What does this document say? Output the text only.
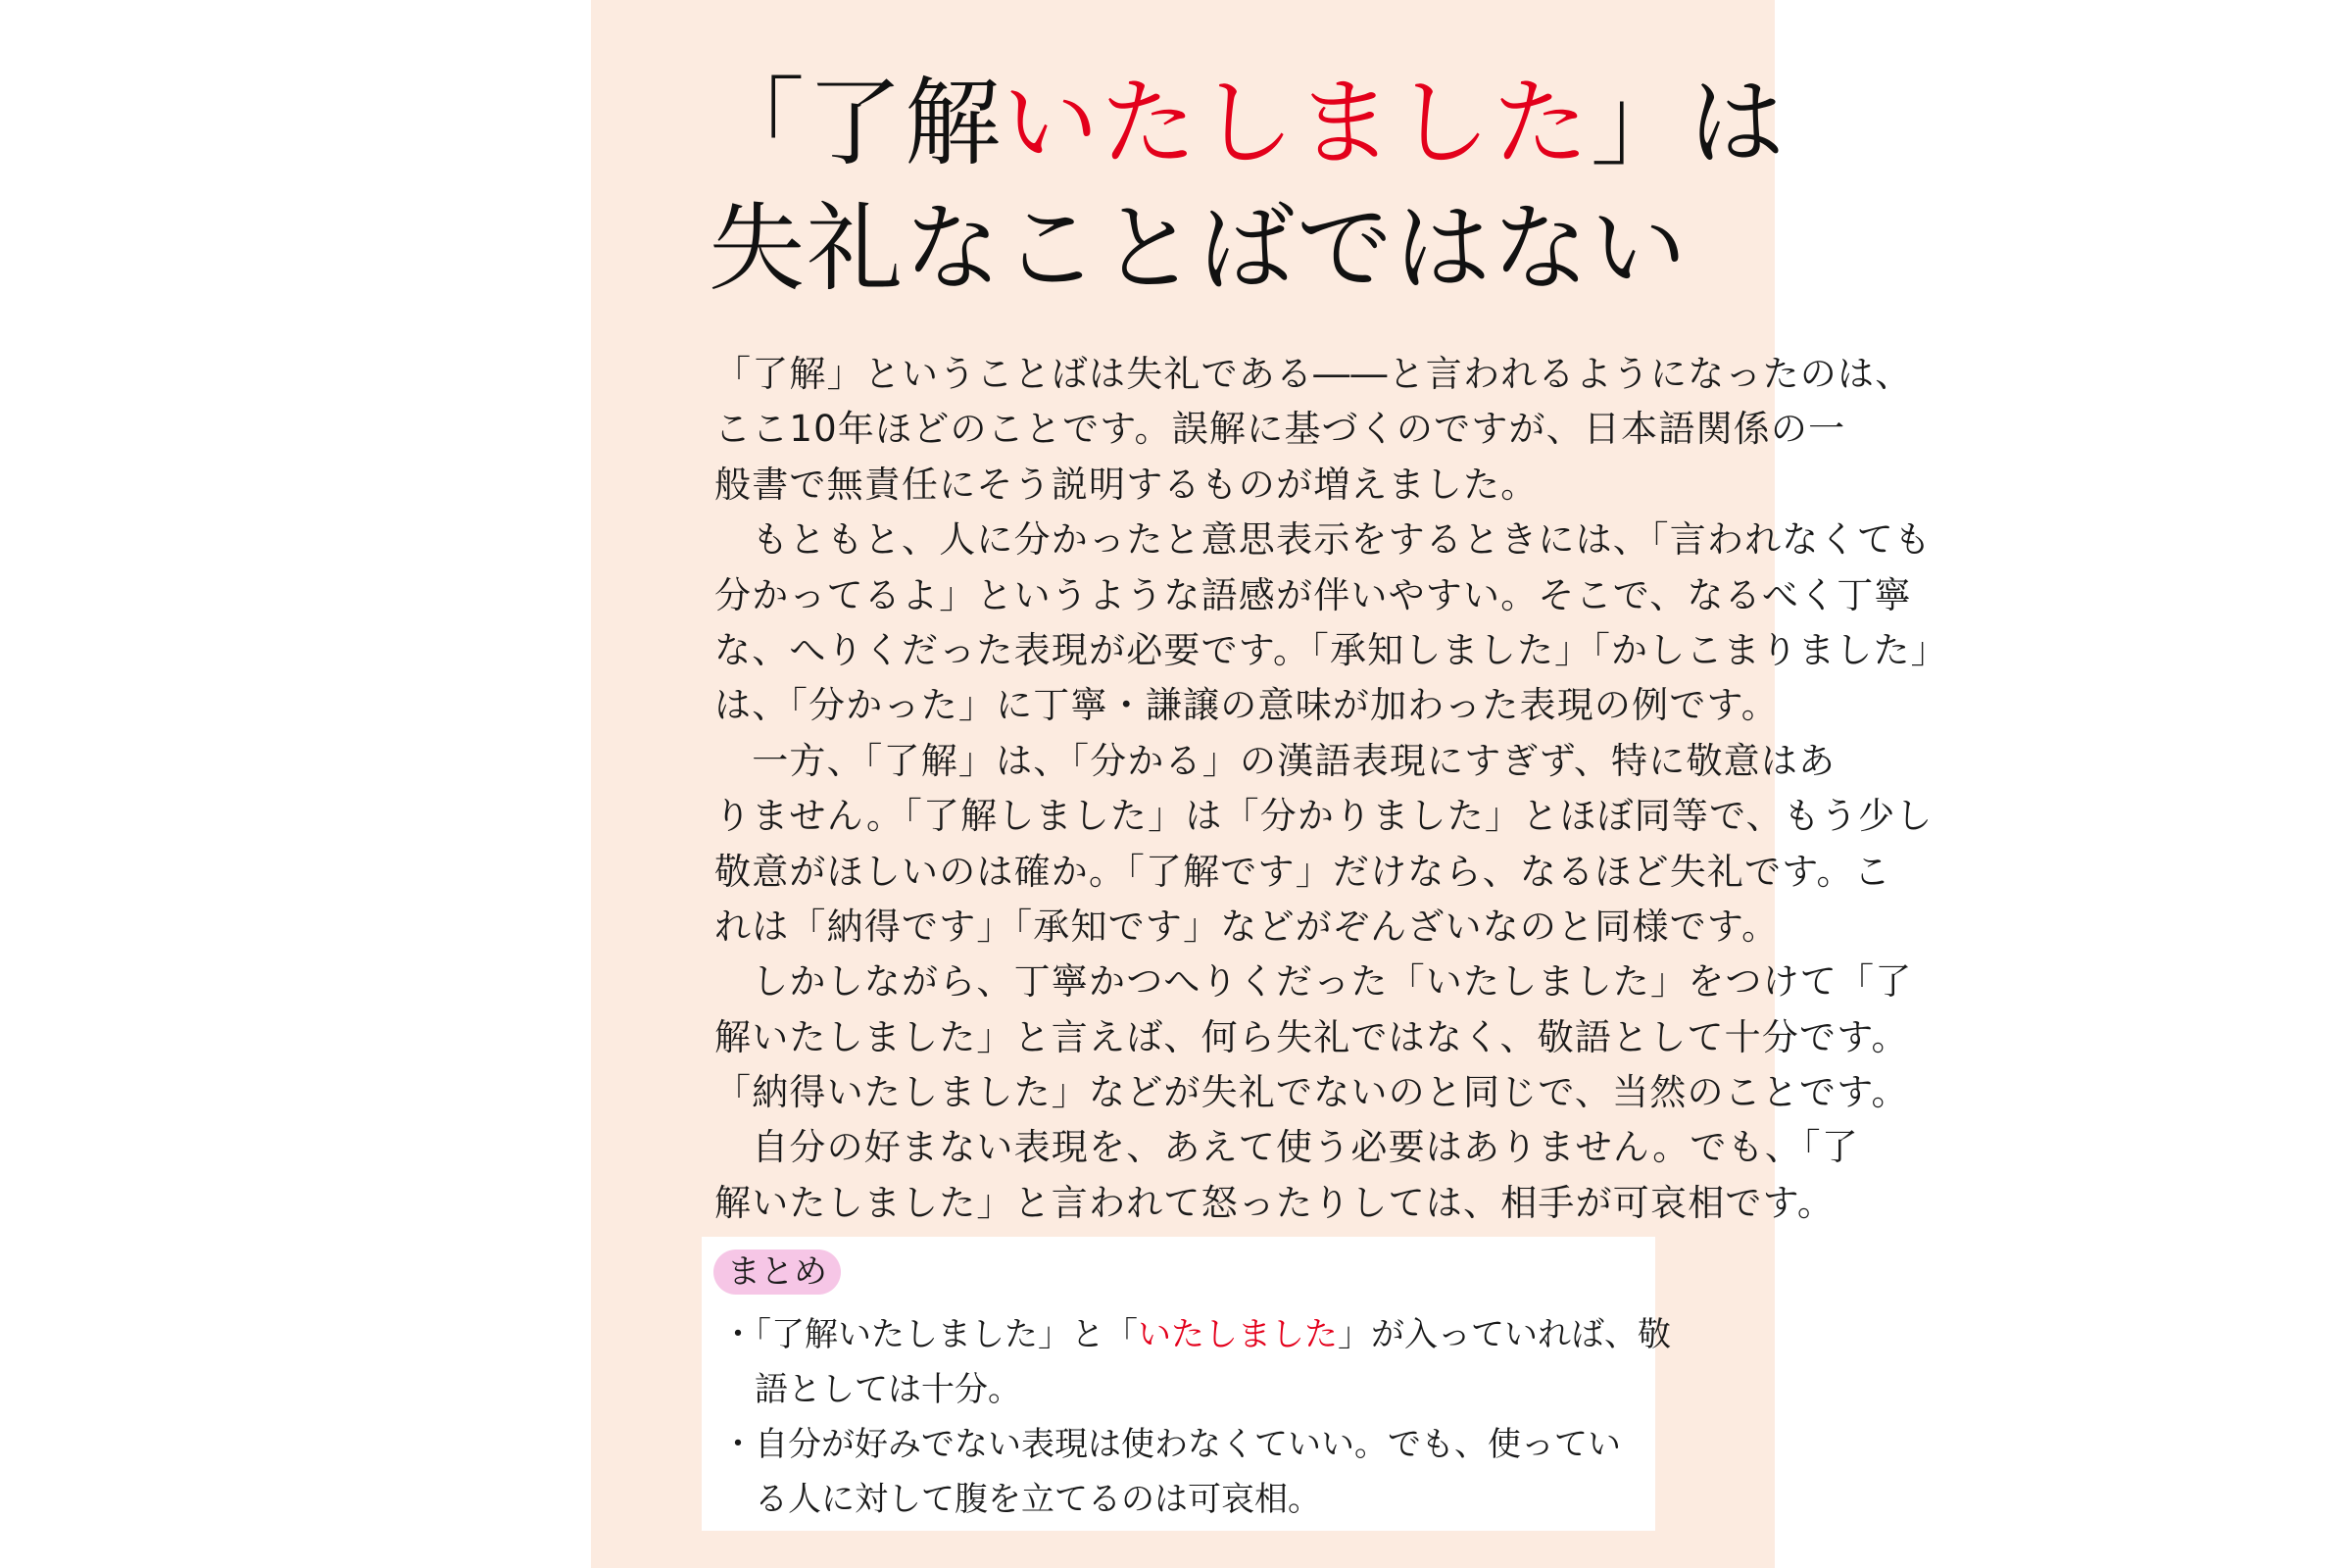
「了解いたしました」は
失礼なことばではない
「了解」ということばは失礼である――と言われるようになったのは、
ここ10年ほどのことです。誤解に基づくのですが、日本語関係の一
般書で無責任にそう説明するものが増えました。
　もともと、人に分かったと意思表示をするときには、「言われなくても
分かってるよ」というような語感が伴いやすい。そこで、なるべく丁寧
な、へりくだった表現が必要です。「承知しました」「かしこまりました」
は、「分かった」に丁寧・謙譲の意味が加わった表現の例です。
　一方、「了解」は、「分かる」の漢語表現にすぎず、特に敬意はあ
りません。「了解しました」は「分かりました」とほぼ同等で、もう少し
敬意がほしいのは確か。「了解です」だけなら、なるほど失礼です。こ
れは「納得です」「承知です」などがぞんざいなのと同様です。
　しかしながら、丁寧かつへりくだった「いたしました」をつけて「了
解いたしました」と言えば、何ら失礼ではなく、敬語として十分です。
「納得いたしました」などが失礼でないのと同じで、当然のことです。
　自分の好まない表現を、あえて使う必要はありません。でも、「了
解いたしました」と言われて怒ったりしては、相手が可哀相です。
まとめ
・「了解いたしました」と「いたしました」が入っていれば、敬
語としては十分。
・自分が好みでない表現は使わなくていい。でも、使ってい
る人に対して腹を立てるのは可哀相。
